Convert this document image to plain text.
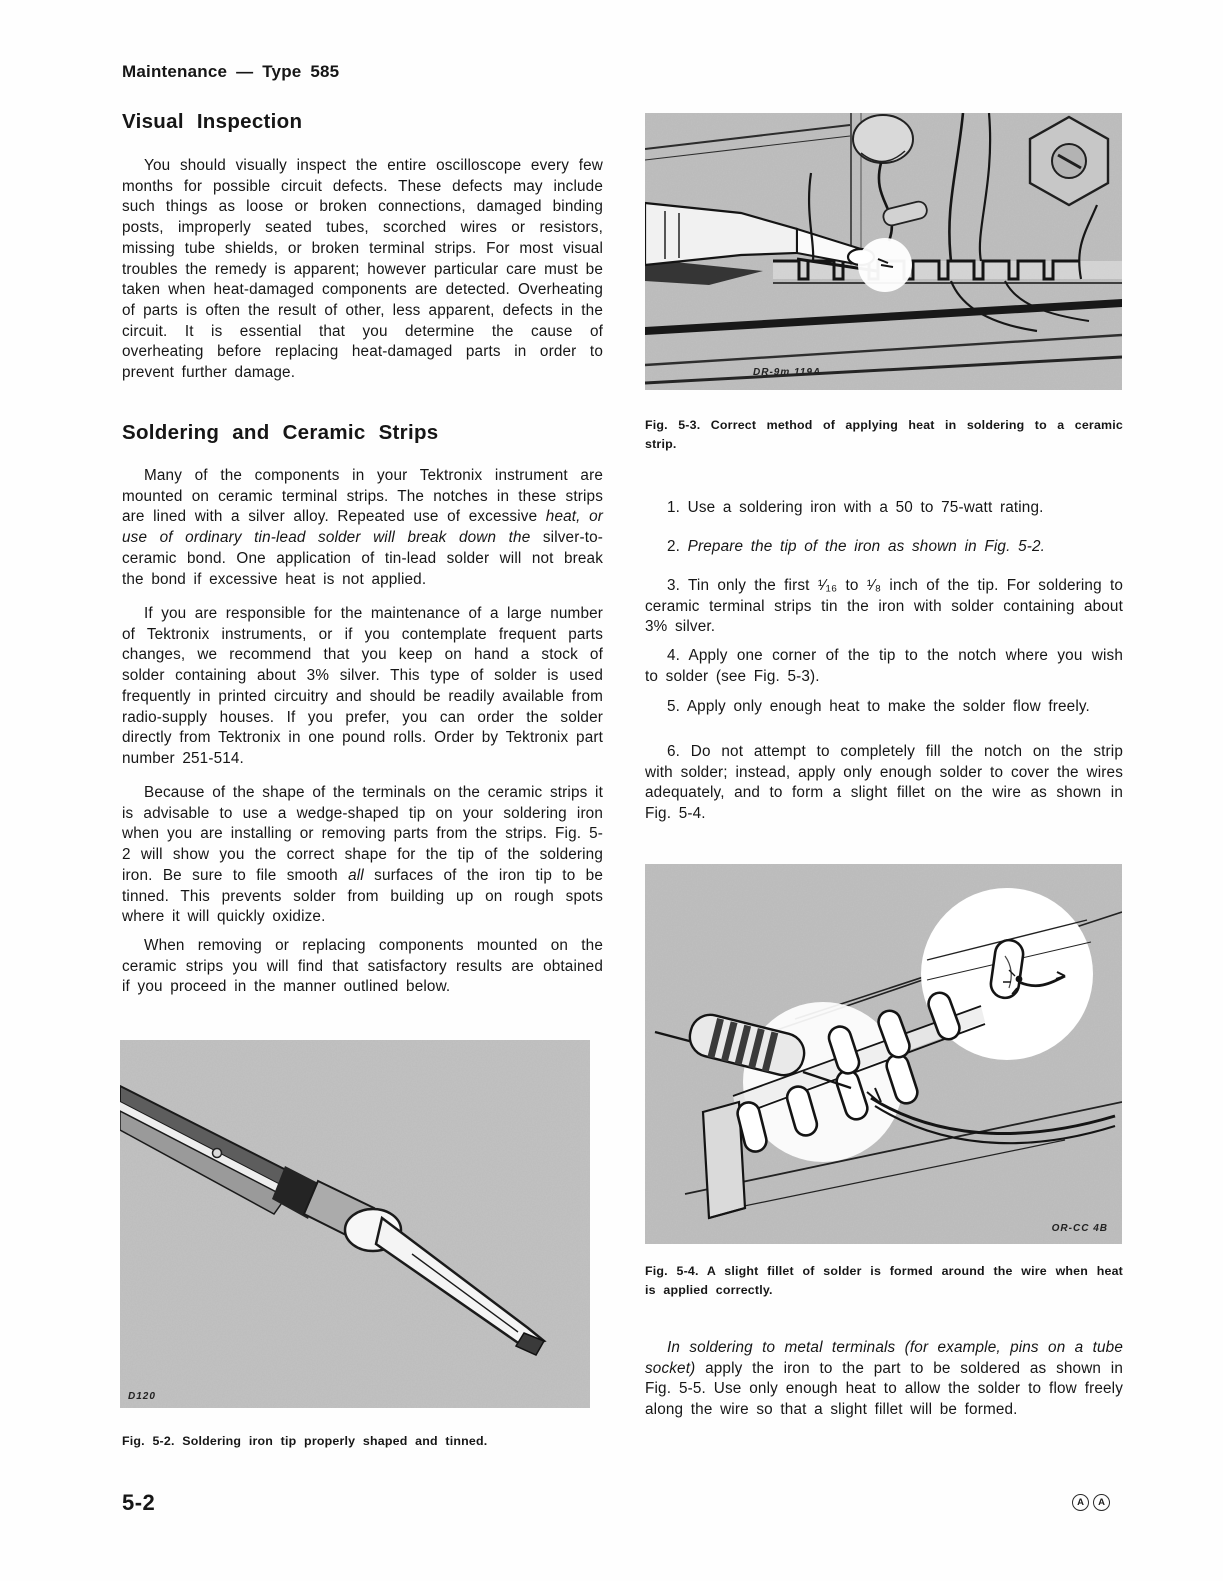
Maintenance — Type 585
Visual Inspection

You should visually inspect the entire oscilloscope every few months for possible circuit defects. These defects may include such things as loose or broken connections, damaged binding posts, improperly seated tubes, scorched wires or resistors, missing tube shields, or broken terminal strips. For most visual troubles the remedy is apparent; however particular care must be taken when heat-damaged components are detected. Overheating of parts is often the result of other, less apparent, defects in the circuit. It is essential that you determine the cause of overheating before replacing heat-damaged parts in order to prevent further damage.

Soldering and Ceramic Strips

Many of the components in your Tektronix instrument are mounted on ceramic terminal strips. The notches in these strips are lined with a silver alloy. Repeated use of excessive heat, or use of ordinary tin-lead solder will break down the silver-to-ceramic bond. One application of tin-lead solder will not break the bond if excessive heat is not applied.

If you are responsible for the maintenance of a large number of Tektronix instruments, or if you contemplate frequent parts changes, we recommend that you keep on hand a stock of solder containing about 3% silver. This type of solder is used frequently in printed circuitry and should be readily available from radio-supply houses. If you prefer, you can order the solder directly from Tektronix in one pound rolls. Order by Tektronix part number 251-514.

Because of the shape of the terminals on the ceramic strips it is advisable to use a wedge-shaped tip on your soldering iron when you are installing or removing parts from the strips. Fig. 5-2 will show you the correct shape for the tip of the soldering iron. Be sure to file smooth all surfaces of the iron tip to be tinned. This prevents solder from building up on rough spots where it will quickly oxidize.

When removing or replacing components mounted on the ceramic strips you will find that satisfactory results are obtained if you proceed in the manner outlined below.

D120
Fig. 5-2. Soldering iron tip properly shaped and tinned.
5-2
DR-9m 119A
Fig. 5-3. Correct method of applying heat in soldering to a ceramic strip.

1. Use a soldering iron with a 50 to 75-watt rating.

2. Prepare the tip of the iron as shown in Fig. 5-2.

3. Tin only the first ¹⁄₁₆ to ¹⁄₈ inch of the tip. For soldering to ceramic terminal strips tin the iron with solder containing about 3% silver.

4. Apply one corner of the tip to the notch where you wish to solder (see Fig. 5-3).

5. Apply only enough heat to make the solder flow freely.

6. Do not attempt to completely fill the notch on the strip with solder; instead, apply only enough solder to cover the wires adequately, and to form a slight fillet on the wire as shown in Fig. 5-4.

OR-CC 4B
Fig. 5-4. A slight fillet of solder is formed around the wire when heat is applied correctly.

In soldering to metal terminals (for example, pins on a tube socket) apply the iron to the part to be soldered as shown in Fig. 5-5. Use only enough heat to allow the solder to flow freely along the wire so that a slight fillet will be formed.

A	A
